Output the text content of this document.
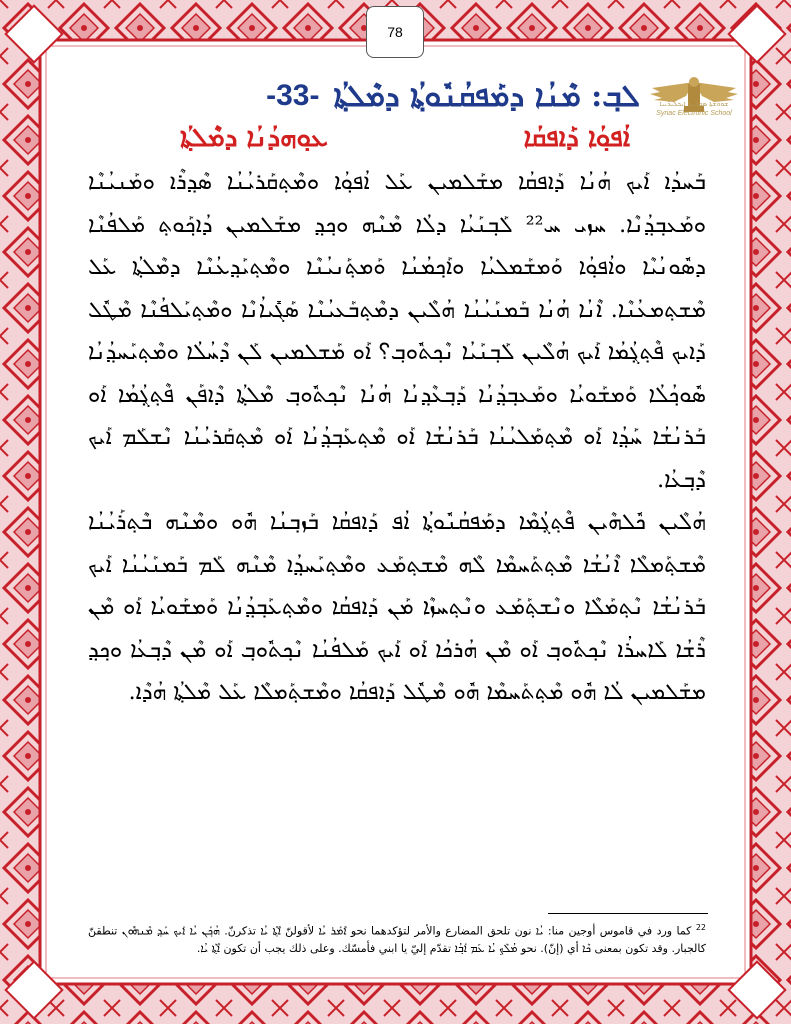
78
ܫܘܘ̈ܫܬܐ ܣܘܪ̈ܝܝܐ ܐܝܟܠܝܪ̈ܝܝܐ
Syriac Electronic School
-33- ܠܒ݂: ܡܶܢܳܐ ܕܡܰܦܩܳܢܽܘܬ݂ܳܐ ܕܡܶܠܬ݂ܳܐ
ܐܳܦܘ݂ܳܐ ܕܰܐܦܩܳܐ
ܥܘ݂ܗܕܳܢܳܐ ܕܡܶܠܬ݂ܳܐ

ܒܰܚܕܳܐ ܐܰܝܟ ܗܳܢܳܐ ܕܰܐܦܩܳܐ ܡܫܰܠܡܝܢ ܥܰܠ ܐܳܦܘ݂ܳܐ ܘܡܶܬ݂ܩܰܪܝܳܢܳܐ ܣܶܕ݂ܪܶܐ ܘܡܰܢܝܳܢܶܐ ܘܡܰܥܒ݂ܕ݂ܳܢܶܐ. ܚܙܝ ܚ²² ܠܰܒ݂ܢܰܝܳܐ ܕܠܳܐ ܡܶܢܶܗ ܘܟ݂ܕ݂ ܡܫܰܠܡܝܢ ܕܳܐܟ݂ܰܘܬ݂ ܡܰܠܦܳܢܶܐ ܕܣܽܘܢܳܝܶܐ ܘܐܳܦܘ݂ܳܐ ܘܰܡܫܰܡܠܝܳܐ ܘܐܰܟ݂ܡܳܢܳܐ ܘܰܡܬ݂ܰܢܝܳܢܶܐ ܘܡܶܬ݂ܝܰܕ݂ܥܳܢܶܐ ܕܡܶܠܬ݂ܳܐ ܥܰܠ ܡܶܫܬ݂ܡܥܳܢܶܐ. ܐܶܢܳܐ ܗܳܢܳܐ ܒܰܡܢܰܝܳܢܳܐ ܗܳܠܶܝܢ ܕܡܶܬ݂ܒܰܥܝܳܢܶܐ ܣܰܓܺܝܐܳܢܶܐ ܘܡܶܬ݂ܝܰܠܦܳܢܶܐ ܡܶܛܽܠ ܕܰܐܝܟ ܦܶܬ݂ܓ݂ܳܡܳܐ ܐܰܝܟ ܗܳܠܶܝܢ ܠܰܒ݂ܢܰܝܳܐ ܢܶܟ݂ܬܽܘܒ݂؟ ܐܰܘ ܡܰܫܠܡܝܢ ܠܰܢ ܕܶܚܳܠܳܐ ܘܡܶܬ݂ܝܰܚܕ݂ܳܢܳܐ ܣܽܘܟ݂ܳܠܳܐ ܘܰܡܫܰܘܝܳܐ ܘܡܰܥܒ݂ܕ݂ܳܢܳܐ ܕܰܒ݂ܥܶܕ݂ܢܳܐ ܗܳܢܳܐ ܢܶܟ݂ܬܽܘܒ݂ ܡܶܠܬ݂ܳܐ ܕܶܐܦܰܢ ܦܶܬ݂ܓ݂ܳܡܳܐ ܐܰܘ ܒܰܪܢܳܫܳܐ ܚܰܕ݂ܳܐ ܐܰܘ ܡܶܬ݂ܡܰܠܝܳܢܳܐ ܒܰܪܢܳܫܳܐ ܐܰܘ ܡܶܬ݂ܥܰܒ݂ܕ݂ܳܢܳܐ ܐܰܘ ܡܶܬ݂ܩܰܪܝܳܢܳܐ ܢܶܫܠܰܡ ܐܰܝܟ ܕܶܒ݂ܥܳܐ.

ܗܳܠܶܝܢ ܟܽܠܗܶܝܢ ܦܶܬ݂ܓ݂ܳܡܶܐ ܕܡܰܦܩܳܢܽܘܬ݂ܳܐ ܐܳܦ ܕܰܐܦܩܳܐ ܒܰܙܒ݂ܢܳܐ ܗܽܘ ܘܡܶܢܶܗ ܒܶܬ݂ܪܰܝܳܢܳܐ ܡܶܫܬ݂ܰܡܠܶܐ ܐܶܢܳܫܳܐ ܡܶܬ݂ܬܰܚܡܶܐ ܠܶܗ ܡܶܫܬ݂ܡܰܥ ܘܡܶܬ݂ܝܰܚܕ݂ܳܐ ܡܶܢܶܗ ܠܰܡ ܒܰܡܢܰܝܳܢܳܐ ܐܰܝܟ ܒܰܪܢܳܫܳܐ ܢܶܬ݂ܡܰܠܶܐ ܘܢܶܫܬ݂ܰܡܰܥ ܘܢܶܬ݂ܚܙܶܐ ܡܰܢ ܕܰܐܦܩܳܐ ܘܡܶܬ݂ܥܰܒ݂ܕ݂ܳܢܳܐ ܘܰܡܫܰܘܝܳܐ ܐܰܘ ܡܶܢ ܪܶܫܳܐ ܠܰܐܚܪܳܐ ܢܶܟ݂ܬܽܘܒ݂ ܐܰܘ ܡܶܢ ܗܳܪܟܳܐ ܐܰܘ ܐܰܝܟ ܡܰܠܦܳܢܳܐ ܢܶܟ݂ܬܽܘܒ݂ ܐܰܘ ܡܶܢ ܕܶܒ݂ܥܳܐ ܘܟ݂ܕ݂ ܡܫܰܠܡܝܢ ܠܳܐ ܗܽܘ ܡܶܬ݂ܬܰܚܡܶܐ ܗܽܘ ܡܶܛܽܠ ܕܰܐܦܩܳܐ ܘܡܶܫܬ݂ܰܡܠܶܐ ܥܰܠ ܡܶܠܬ݂ܳܐ ܗܳܕܶܐ.

$^{22}$ كما ورد في قاموس أوجين منا: ܝܳܐ نون تلحق المضارع والأمر لتؤكدهما نحو ܐܶܡܰܪ ܝܳܐ لأقولنّ ܐܶܬ݂ܶܐ ܝܳܐ تذكرنّ. ܗܳܟ݂ܰܢ ܝܳܐ ܐܰܝܟ ܚܰܕ݂ ܡܶܢܗܽܘܢ تنطقنّ كالجبار. وقد تكون بمعنى ܟܶܐ أي (إنّ). نحو ܡܳܠܶܟ݂ ܝܳܐ ܥܰܡ ܐܰܒ݂ܳܐ تقدّم إليّ يا ابني فأمسّك. وعلى ذلك يجب أن تكون ܐܶܬ݂ܶܐ ܝܳܐ.
